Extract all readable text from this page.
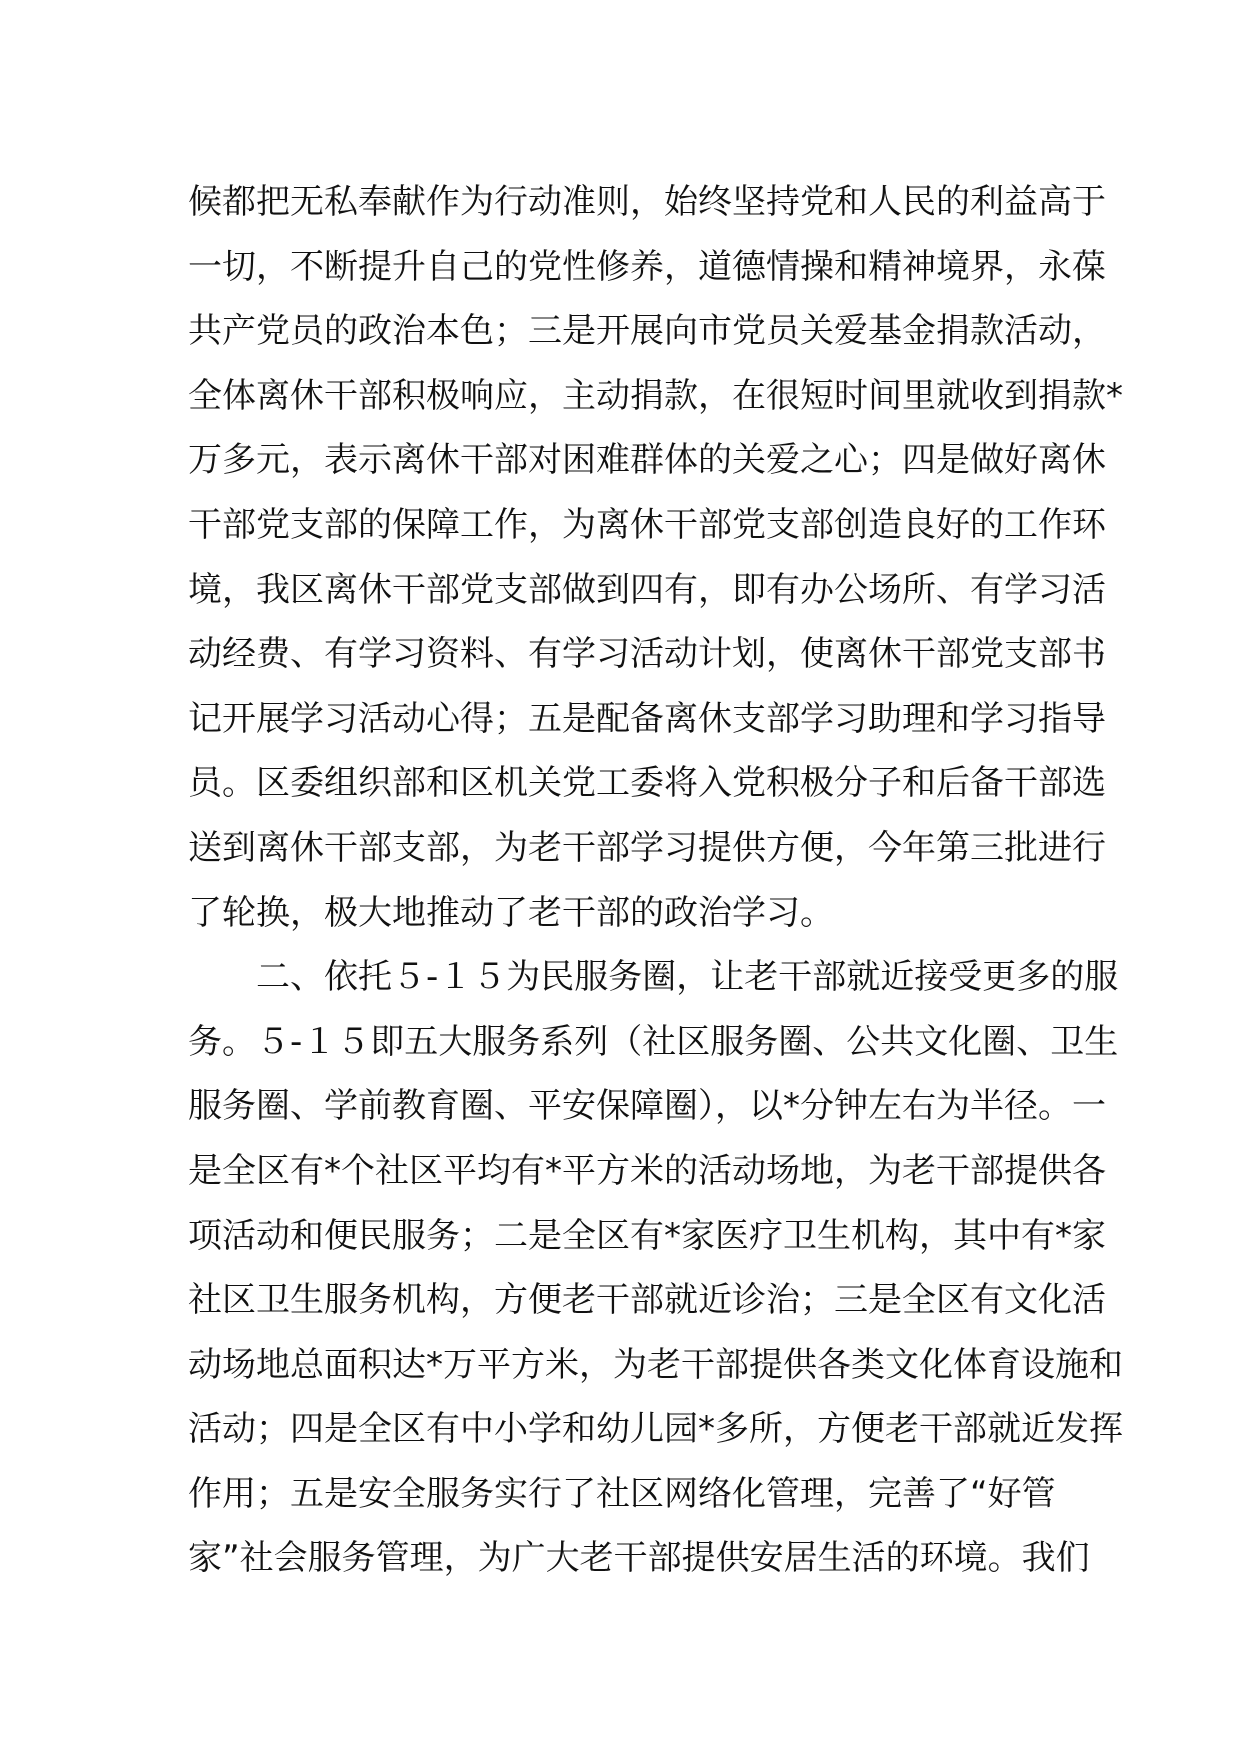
候都把无私奉献作为行动准则，始终坚持党和人民的利益高于
一切，不断提升自己的党性修养，道德情操和精神境界，永葆
共产党员的政治本色；三是开展向市党员关爱基金捐款活动，
全体离休干部积极响应，主动捐款，在很短时间里就收到捐款*
万多元，表示离休干部对困难群体的关爱之心；四是做好离休
干部党支部的保障工作，为离休干部党支部创造良好的工作环
境，我区离休干部党支部做到四有，即有办公场所、有学习活
动经费、有学习资料、有学习活动计划，使离休干部党支部书
记开展学习活动心得；五是配备离休支部学习助理和学习指导
员。区委组织部和区机关党工委将入党积极分子和后备干部选
送到离休干部支部，为老干部学习提供方便，今年第三批进行
了轮换，极大地推动了老干部的政治学习。
　　二、依托５-１５为民服务圈，让老干部就近接受更多的服
务。５-１５即五大服务系列（社区服务圈、公共文化圈、卫生
服务圈、学前教育圈、平安保障圈），以*分钟左右为半径。一
是全区有*个社区平均有*平方米的活动场地，为老干部提供各
项活动和便民服务；二是全区有*家医疗卫生机构，其中有*家
社区卫生服务机构，方便老干部就近诊治；三是全区有文化活
动场地总面积达*万平方米，为老干部提供各类文化体育设施和
活动；四是全区有中小学和幼儿园*多所，方便老干部就近发挥
作用；五是安全服务实行了社区网络化管理，完善了“好管
家”社会服务管理，为广大老干部提供安居生活的环境。我们
